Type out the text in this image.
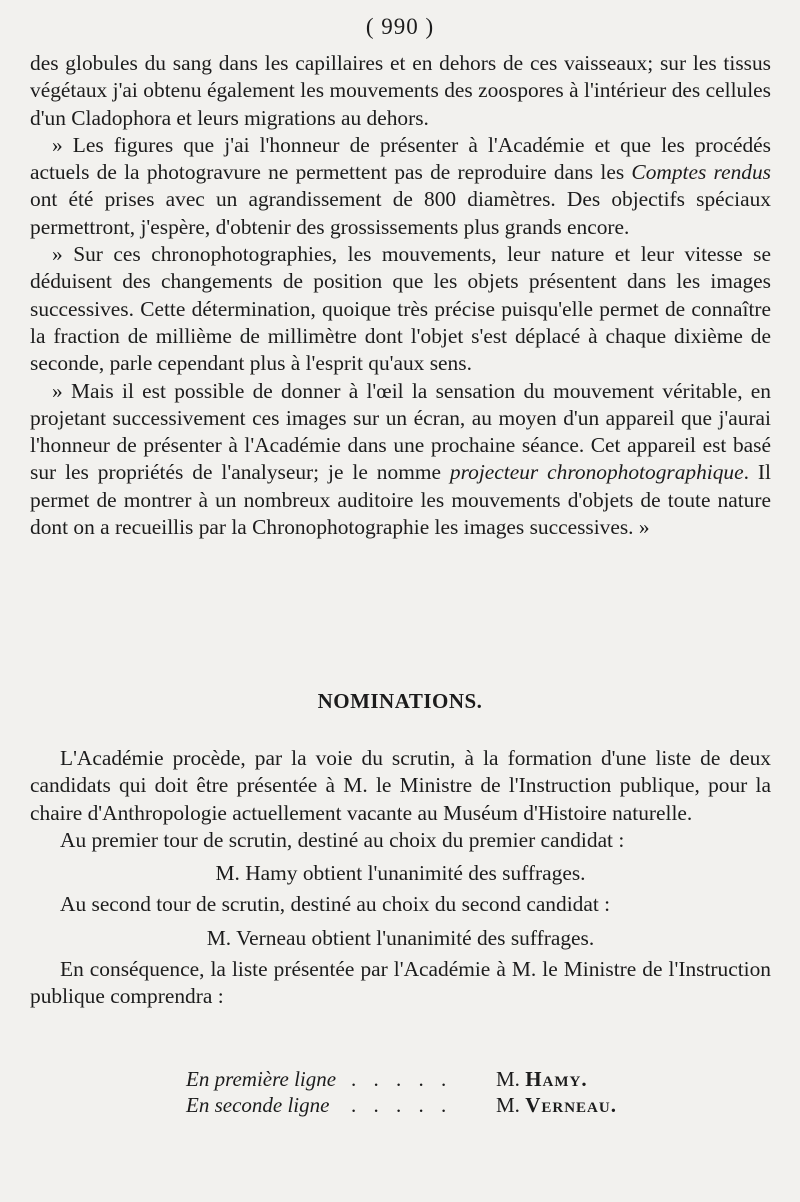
( 990 )

des globules du sang dans les capillaires et en dehors de ces vaisseaux; sur les tissus végétaux j'ai obtenu également les mouvements des zoospores à l'intérieur des cellules d'un Cladophora et leurs migrations au dehors.

» Les figures que j'ai l'honneur de présenter à l'Académie et que les procédés actuels de la photogravure ne permettent pas de reproduire dans les Comptes rendus ont été prises avec un agrandissement de 800 diamètres. Des objectifs spéciaux permettront, j'espère, d'obtenir des grossissements plus grands encore.

» Sur ces chronophotographies, les mouvements, leur nature et leur vitesse se déduisent des changements de position que les objets présentent dans les images successives. Cette détermination, quoique très précise puisqu'elle permet de connaître la fraction de millième de millimètre dont l'objet s'est déplacé à chaque dixième de seconde, parle cependant plus à l'esprit qu'aux sens.

» Mais il est possible de donner à l'œil la sensation du mouvement véritable, en projetant successivement ces images sur un écran, au moyen d'un appareil que j'aurai l'honneur de présenter à l'Académie dans une prochaine séance. Cet appareil est basé sur les propriétés de l'analyseur; je le nomme projecteur chronophotographique. Il permet de montrer à un nombreux auditoire les mouvements d'objets de toute nature dont on a recueillis par la Chronophotographie les images successives. »

NOMINATIONS.

L'Académie procède, par la voie du scrutin, à la formation d'une liste de deux candidats qui doit être présentée à M. le Ministre de l'Instruction publique, pour la chaire d'Anthropologie actuellement vacante au Muséum d'Histoire naturelle.

Au premier tour de scrutin, destiné au choix du premier candidat :

M. Hamy obtient l'unanimité des suffrages.

Au second tour de scrutin, destiné au choix du second candidat :

M. Verneau obtient l'unanimité des suffrages.

En conséquence, la liste présentée par l'Académie à M. le Ministre de l'Instruction publique comprendra :

En première ligne . . . . .	M. Hamy.
En seconde ligne	. . . . .	M. Verneau.
